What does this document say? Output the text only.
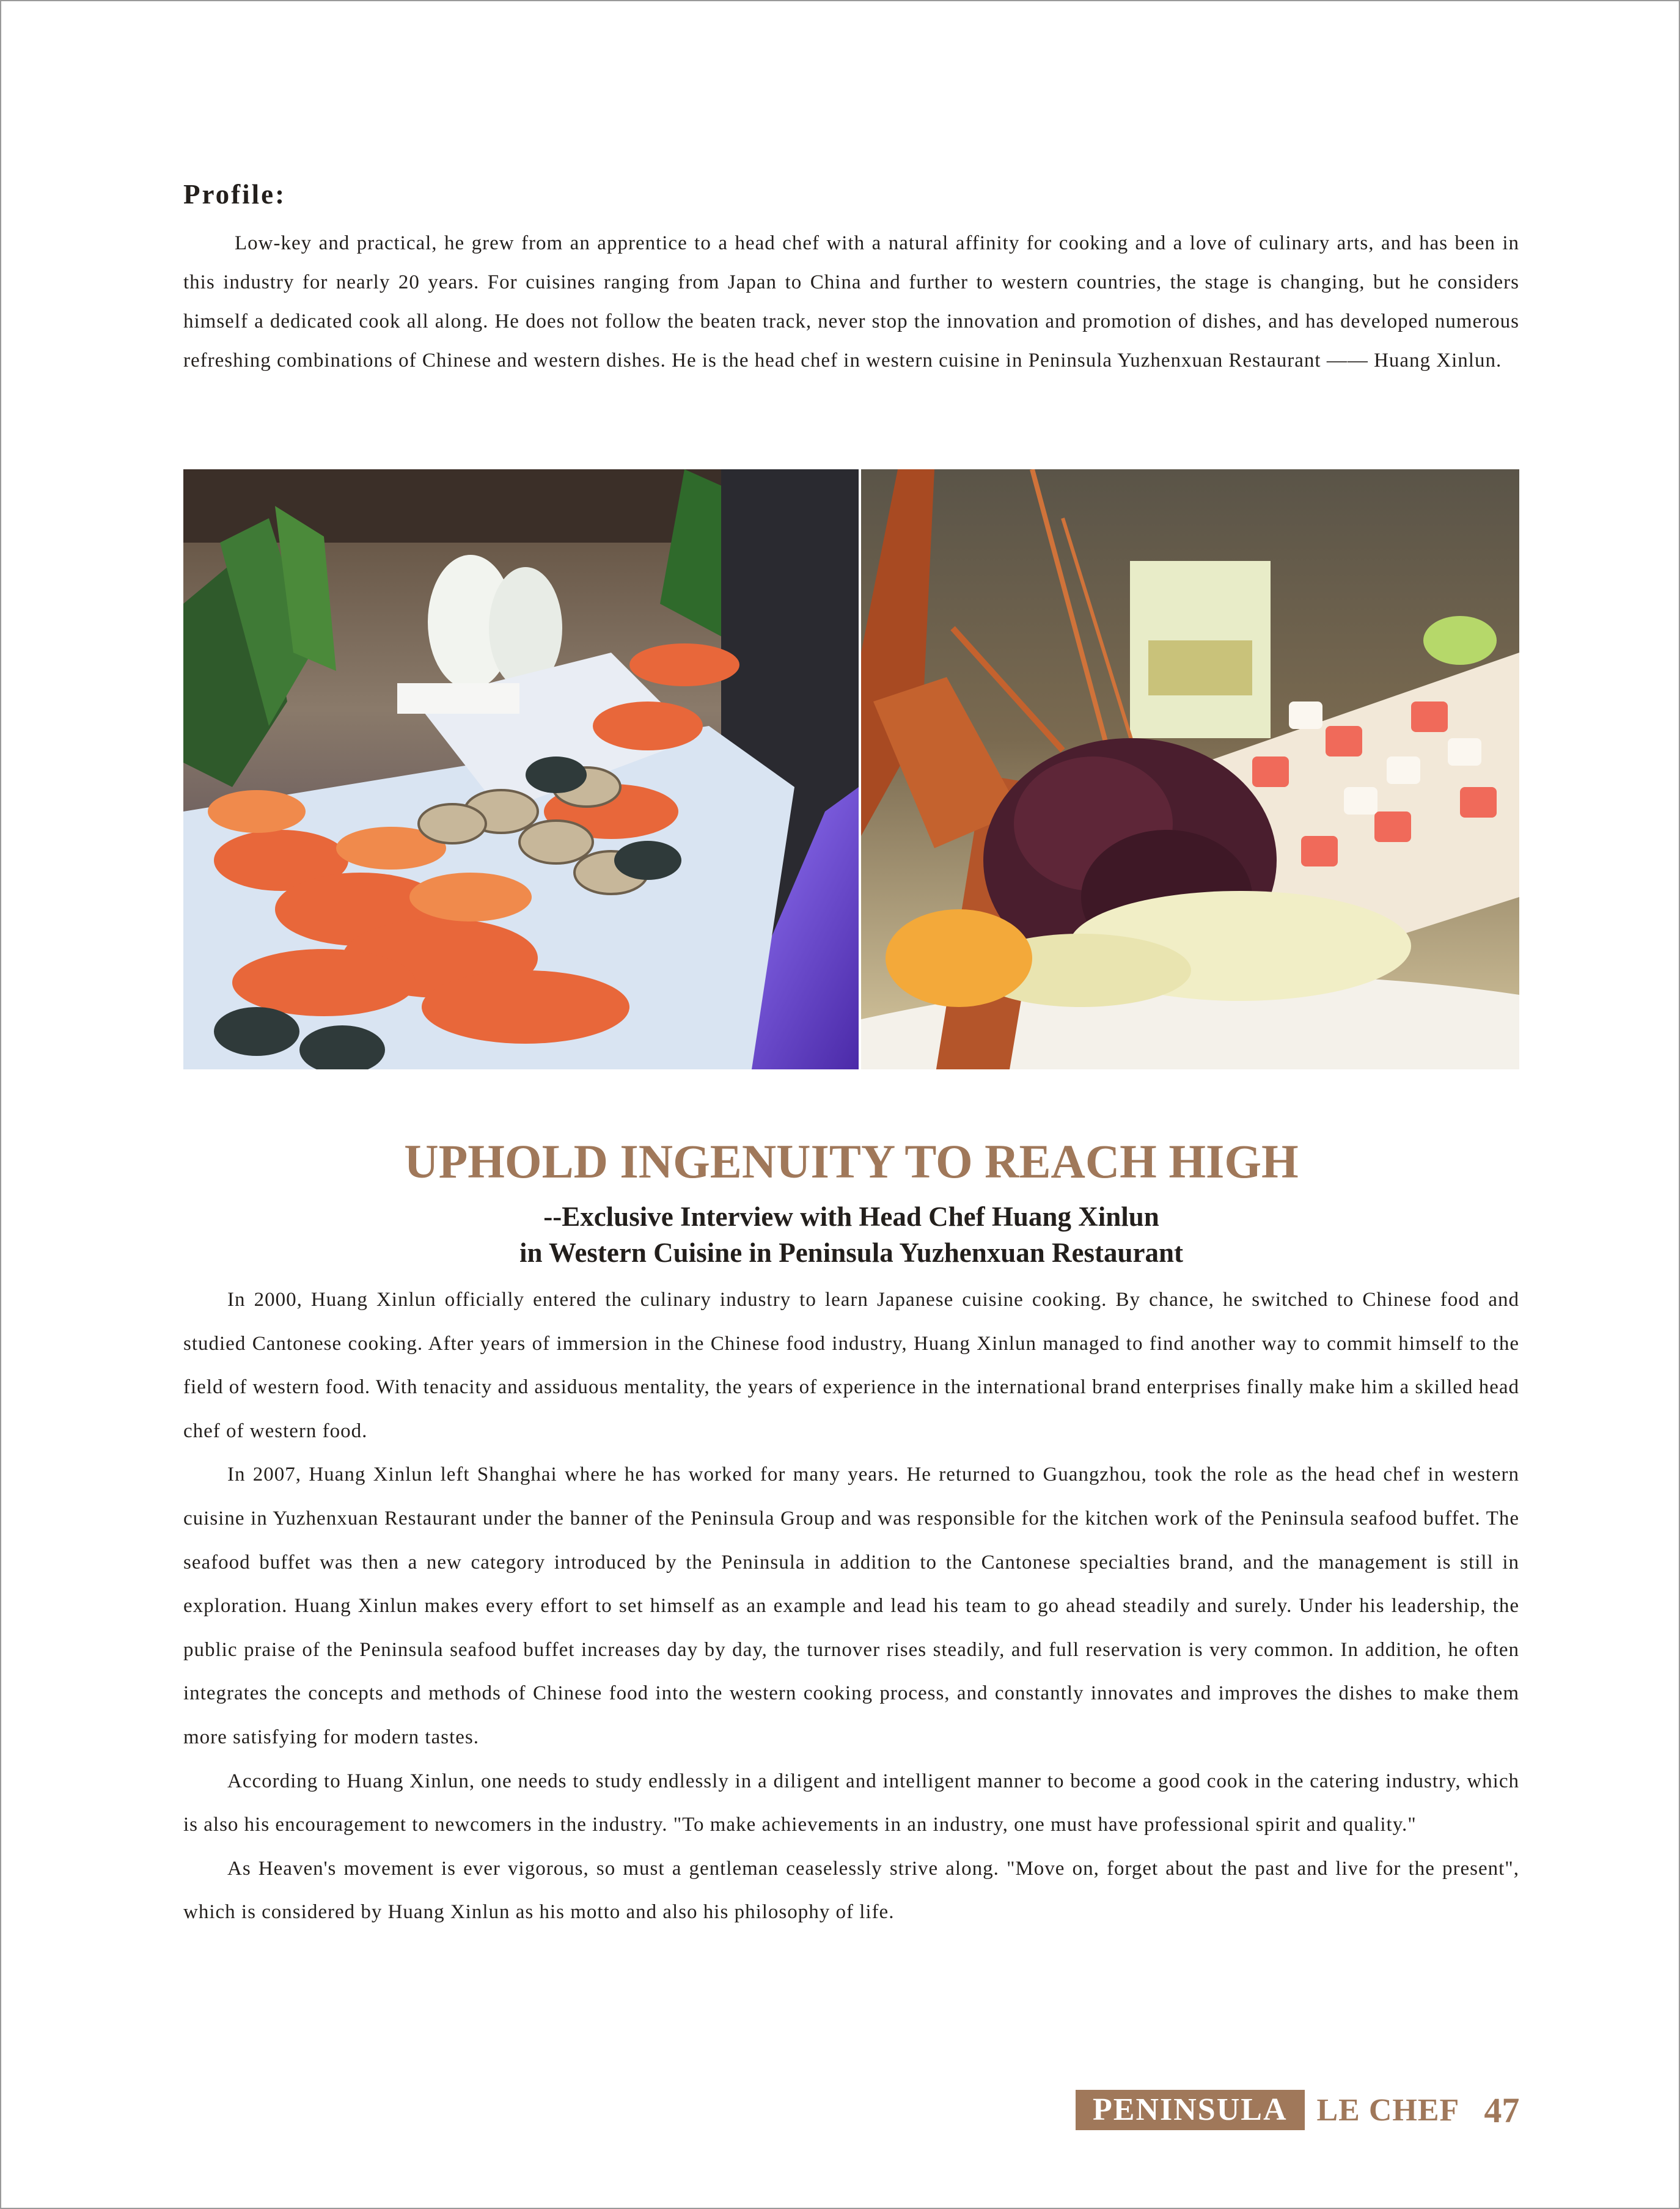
Profile:

Low-key and practical, he grew from an apprentice to a head chef with a natural affinity for cooking and a love of culinary arts, and has been in this industry for nearly 20 years. For cuisines ranging from Japan to China and further to western countries, the stage is changing, but he considers himself a dedicated cook all along. He does not follow the beaten track, never stop the innovation and promotion of dishes, and has developed numerous refreshing combinations of Chinese and western dishes. He is the head chef in western cuisine in Peninsula Yuzhenxuan Restaurant —— Huang Xinlun.

UPHOLD INGENUITY TO REACH HIGH
--Exclusive Interview with Head Chef Huang Xinlun
in Western Cuisine in Peninsula Yuzhenxuan Restaurant

In 2000, Huang Xinlun officially entered the culinary industry to learn Japanese cuisine cooking. By chance, he switched to Chinese food and studied Cantonese cooking. After years of immersion in the Chinese food industry, Huang Xinlun managed to find another way to commit himself to the field of western food. With tenacity and assiduous mentality, the years of experience in the international brand enterprises finally make him a skilled head chef of western food.

In 2007, Huang Xinlun left Shanghai where he has worked for many years. He returned to Guangzhou, took the role as the head chef in western cuisine in Yuzhenxuan Restaurant under the banner of the Peninsula Group and was responsible for the kitchen work of the Peninsula seafood buffet. The seafood buffet was then a new category introduced by the Peninsula in addition to the Cantonese specialties brand, and the management is still in exploration. Huang Xinlun makes every effort to set himself as an example and lead his team to go ahead steadily and surely. Under his leadership, the public praise of the Peninsula seafood buffet increases day by day, the turnover rises steadily, and full reservation is very common. In addition, he often integrates the concepts and methods of Chinese food into the western cooking process, and constantly innovates and improves the dishes to make them more satisfying for modern tastes.

According to Huang Xinlun, one needs to study endlessly in a diligent and intelligent manner to become a good cook in the catering industry, which is also his encouragement to newcomers in the industry. "To make achievements in an industry, one must have professional spirit and quality."

As Heaven's movement is ever vigorous, so must a gentleman ceaselessly strive along. "Move on, forget about the past and live for the present", which is considered by Huang Xinlun as his motto and also his philosophy of life.

PENINSULA LE CHEF 47
